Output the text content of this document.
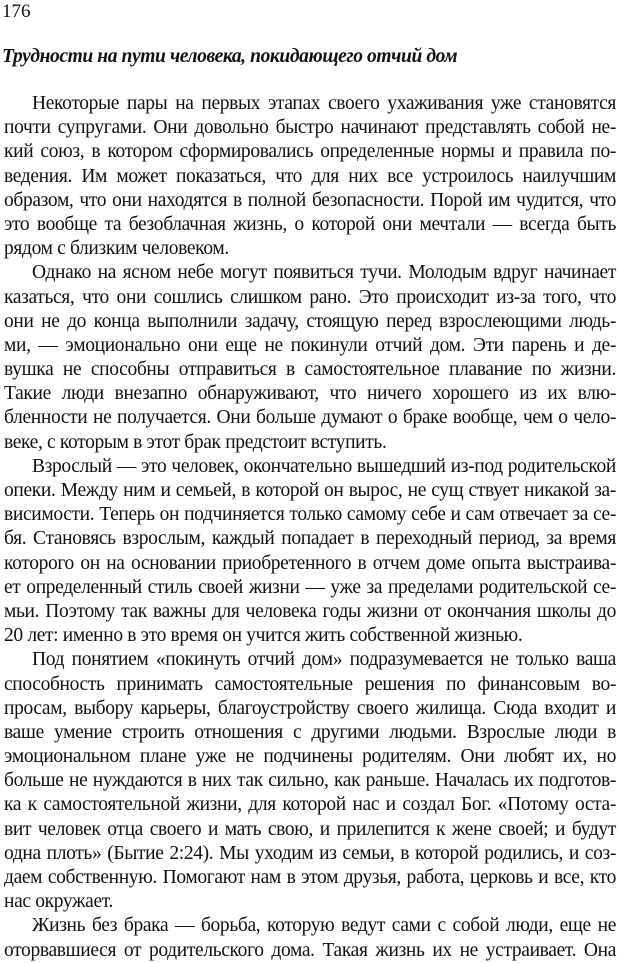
176
Трудности на пути человека, покидающего отчий дом
Некоторые пары на первых этапах своего ухаживания уже становятся
почти супругами. Они довольно быстро начинают представлять собой не-
кий союз, в котором сформировались определенные нормы и правила по-
ведения. Им может показаться, что для них все устроилось наилучшим
образом, что они находятся в полной безопасности. Порой им чудится, что
это вообще та безоблачная жизнь, о которой они мечтали — всегда быть
рядом с близким человеком.
Однако на ясном небе могут появиться тучи. Молодым вдруг начинает
казаться, что они сошлись слишком рано. Это происходит из-за того, что
они не до конца выполнили задачу, стоящую перед взрослеющими людь-
ми, — эмоционально они еще не покинули отчий дом. Эти парень и де-
вушка не способны отправиться в самостоятельное плавание по жизни.
Такие люди внезапно обнаруживают, что ничего хорошего из их влю-
бленности не получается. Они больше думают о браке вообще, чем о чело-
веке, с которым в этот брак предстоит вступить.
Взрослый — это человек, окончательно вышедший из-под родительской
опеки. Между ним и семьей, в которой он вырос, не сущ ствует никакой за-
висимости. Теперь он подчиняется только самому себе и сам отвечает за се-
бя. Становясь взрослым, каждый попадает в переходный период, за время
которого он на основании приобретенного в отчем доме опыта выстраива-
ет определенный стиль своей жизни — уже за пределами родительской се-
мьи. Поэтому так важны для человека годы жизни от окончания школы до
20 лет: именно в это время он учится жить собственной жизнью.
Под понятием «покинуть отчий дом» подразумевается не только ваша
способность принимать самостоятельные решения по финансовым во-
просам, выбору карьеры, благоустройству своего жилища. Сюда входит и
ваше умение строить отношения с другими людьми. Взрослые люди в
эмоциональном плане уже не подчинены родителям. Они любят их, но
больше не нуждаются в них так сильно, как раньше. Началась их подготов-
ка к самостоятельной жизни, для которой нас и создал Бог. «Потому оста-
вит человек отца своего и мать свою, и прилепится к жене своей; и будут
одна плоть» (Бытие 2:24). Мы уходим из семьи, в которой родились, и соз-
даем собственную. Помогают нам в этом друзья, работа, церковь и все, кто
нас окружает.
Жизнь без брака — борьба, которую ведут сами с собой люди, еще не
оторвавшиеся от родительского дома. Такая жизнь их не устраивает. Она
